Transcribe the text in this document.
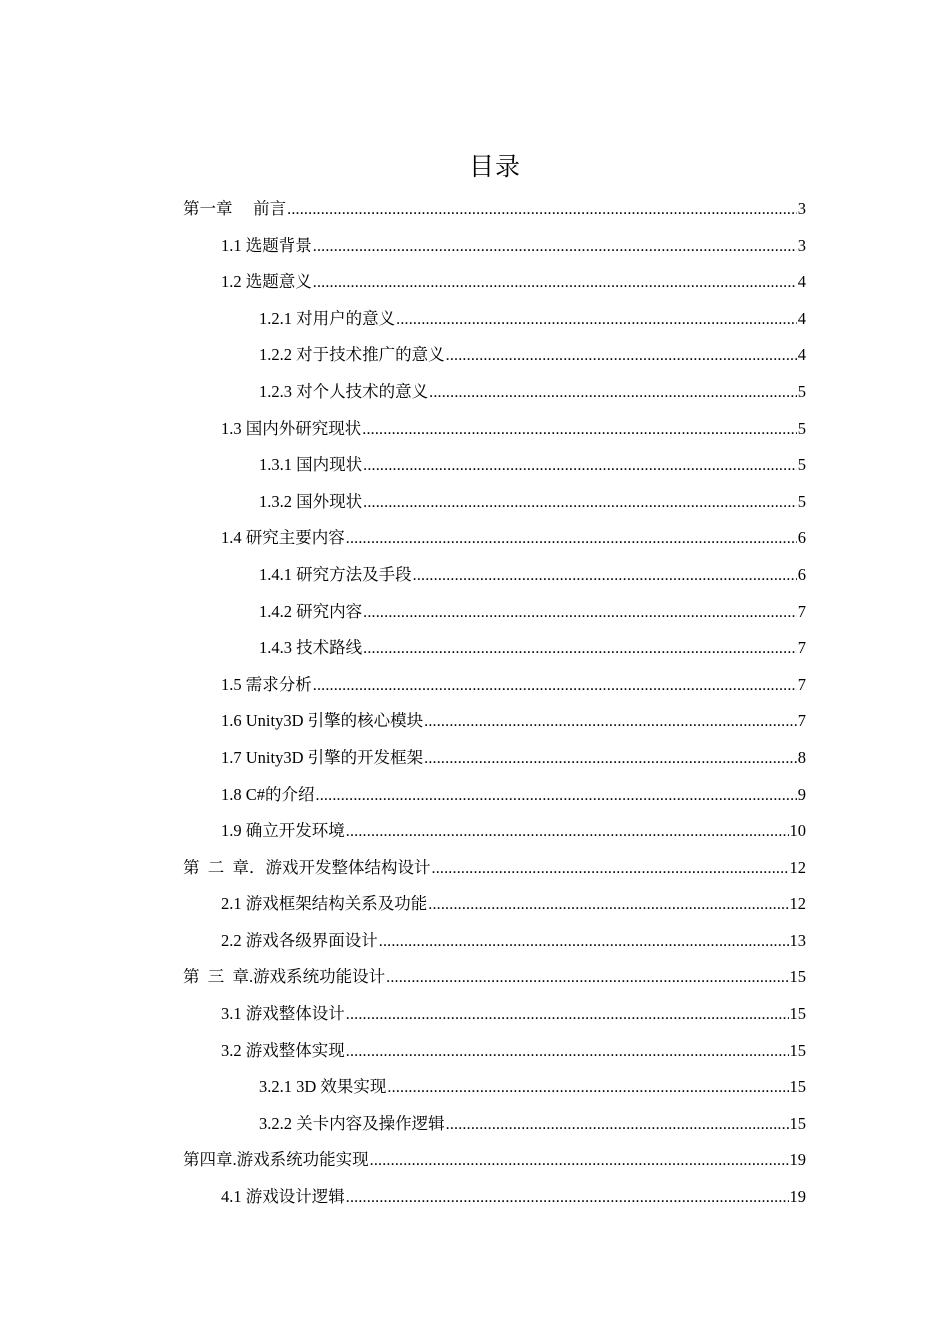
目录
第一章　 前言 .....	3
1.1 选题背景 .....	3
1.2 选题意义 .....	4
1.2.1 对用户的意义 .....	4
1.2.2 对于技术推广的意义 .....	4
1.2.3 对个人技术的意义 .....	5
1.3 国内外研究现状 .....	5
1.3.1 国内现状 .....	5
1.3.2 国外现状 .....	5
1.4 研究主要内容 .....	6
1.4.1 研究方法及手段 .....	6
1.4.2 研究内容 .....	7
1.4.3 技术路线 .....	7
1.5 需求分析 .....	7
1.6 Unity3D 引擎的核心模块 .....	7
1.7 Unity3D 引擎的开发框架 .....	8
1.8 C#的介绍 .....	9
1.9 确立开发环境 .....	10
第  二  章．游戏开发整体结构设计 .....	12
2.1 游戏框架结构关系及功能 .....	12
2.2 游戏各级界面设计 .....	13
第  三  章.游戏系统功能设计 .....	15
3.1 游戏整体设计 .....	15
3.2 游戏整体实现 .....	15
3.2.1 3D 效果实现 .....	15
3.2.2 关卡内容及操作逻辑 .....	15
第四章.游戏系统功能实现 .....	19
4.1 游戏设计逻辑 .....	19
